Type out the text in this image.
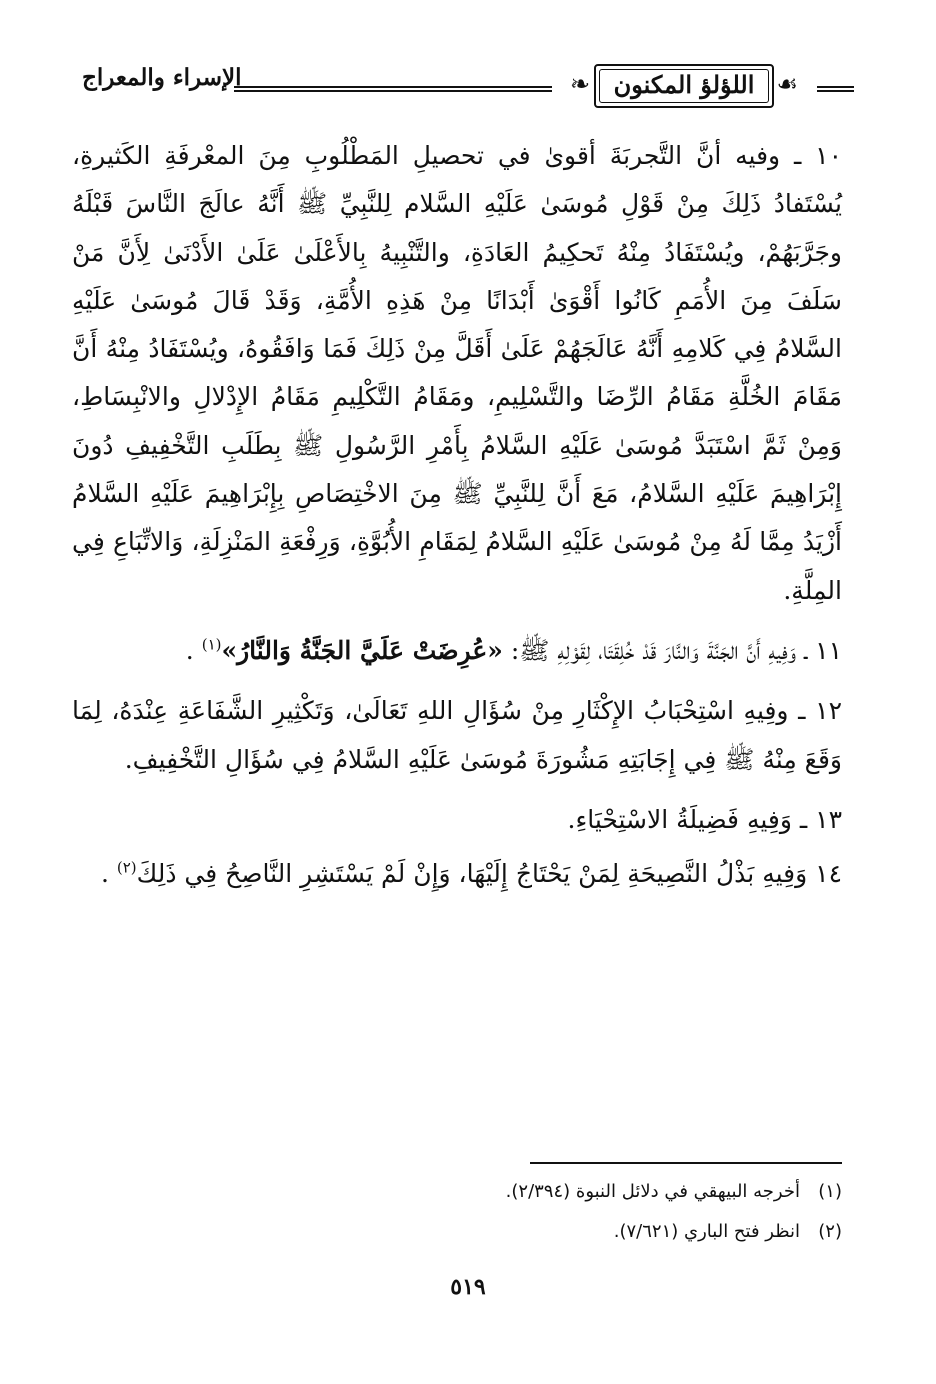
الإسراء والمعراج	❧ اللؤلؤ المكنون ☙

١٠ ـ وفيه أنَّ التَّجربَةَ أقوىٰ في تحصيلِ المَطْلُوبِ مِنَ المعْرفَةِ الكَثيرةِ، يُسْتَفادُ ذَلِكَ مِنْ قَوْلِ مُوسَىٰ عَلَيْهِ السَّلام لِلنَّبِيِّ ﷺ أَنَّهُ عالَجَ النَّاسَ قَبْلَهُ وجَرَّبَهُمْ، ويُسْتَفَادُ مِنْهُ تَحكِيمُ العَادَةِ، والتَّنْبِيهُ بِالأَعْلَىٰ عَلَىٰ الأَدْنَىٰ لِأَنَّ مَنْ سَلَفَ مِنَ الأُمَمِ كَانُوا أَقْوَىٰ أَبْدَانًا مِنْ هَذِهِ الأُمَّةِ، وَقَدْ قَالَ مُوسَىٰ عَلَيْهِ السَّلامُ فِي كَلامِهِ أَنَّهُ عَالَجَهُمْ عَلَىٰ أَقَلَّ مِنْ ذَلِكَ فَمَا وَافَقُوهُ، ويُسْتَفَادُ مِنْهُ أَنَّ مَقَامَ الخُلَّةِ مَقَامُ الرِّضَا والتَّسْلِيمِ، ومَقَامُ التَّكْلِيمِ مَقَامُ الإِدْلالِ والانْبِسَاطِ، وَمِنْ ثَمَّ اسْتَبَدَّ مُوسَىٰ عَلَيْهِ السَّلامُ بِأَمْرِ الرَّسُولِ ﷺ بِطَلَبِ التَّخْفِيفِ دُونَ إِبْرَاهِيمَ عَلَيْهِ السَّلامُ، مَعَ أَنَّ لِلنَّبِيِّ ﷺ مِنَ الاخْتِصَاصِ بِإِبْرَاهِيمَ عَلَيْهِ السَّلامُ أَزْيَدُ مِمَّا لَهُ مِنْ مُوسَىٰ عَلَيْهِ السَّلامُ لِمَقَامِ الأُبُوَّةِ، وَرِفْعَةِ المَنْزِلَةِ، وَالاتِّبَاعِ فِي المِلَّةِ.

١١ ـ وَفِيهِ أَنَّ الجَنَّةَ وَالنَّارَ قَدْ خُلِقَتَا، لِقَوْلِهِ ﷺ: «عُرِضَتْ عَلَيَّ الجَنَّةُ وَالنَّارُ»$^{(١)}$ .

١٢ ـ وفِيهِ اسْتِحْبَابُ الإِكْثَارِ مِنْ سُؤَالِ اللهِ تَعَالَىٰ، وَتَكْثِيرِ الشَّفَاعَةِ عِنْدَهُ، لِمَا وَقَعَ مِنْهُ ﷺ فِي إِجَابَتِهِ مَشُورَةَ مُوسَىٰ عَلَيْهِ السَّلامُ فِي سُؤَالِ التَّخْفِيفِ.

١٣ ـ وَفِيهِ فَضِيلَةُ الاسْتِحْيَاءِ.

١٤ وَفِيهِ بَذْلُ النَّصِيحَةِ لِمَنْ يَحْتَاجُ إِلَيْهَا، وَإِنْ لَمْ يَسْتَشِرِ النَّاصِحُ فِي ذَلِكَ$^{(٢)}$ .

(١)
أخرجه البيهقي في دلائل النبوة (٢/٣٩٤).
(٢)
انظر فتح الباري (٧/٦٢١).
٥١٩
